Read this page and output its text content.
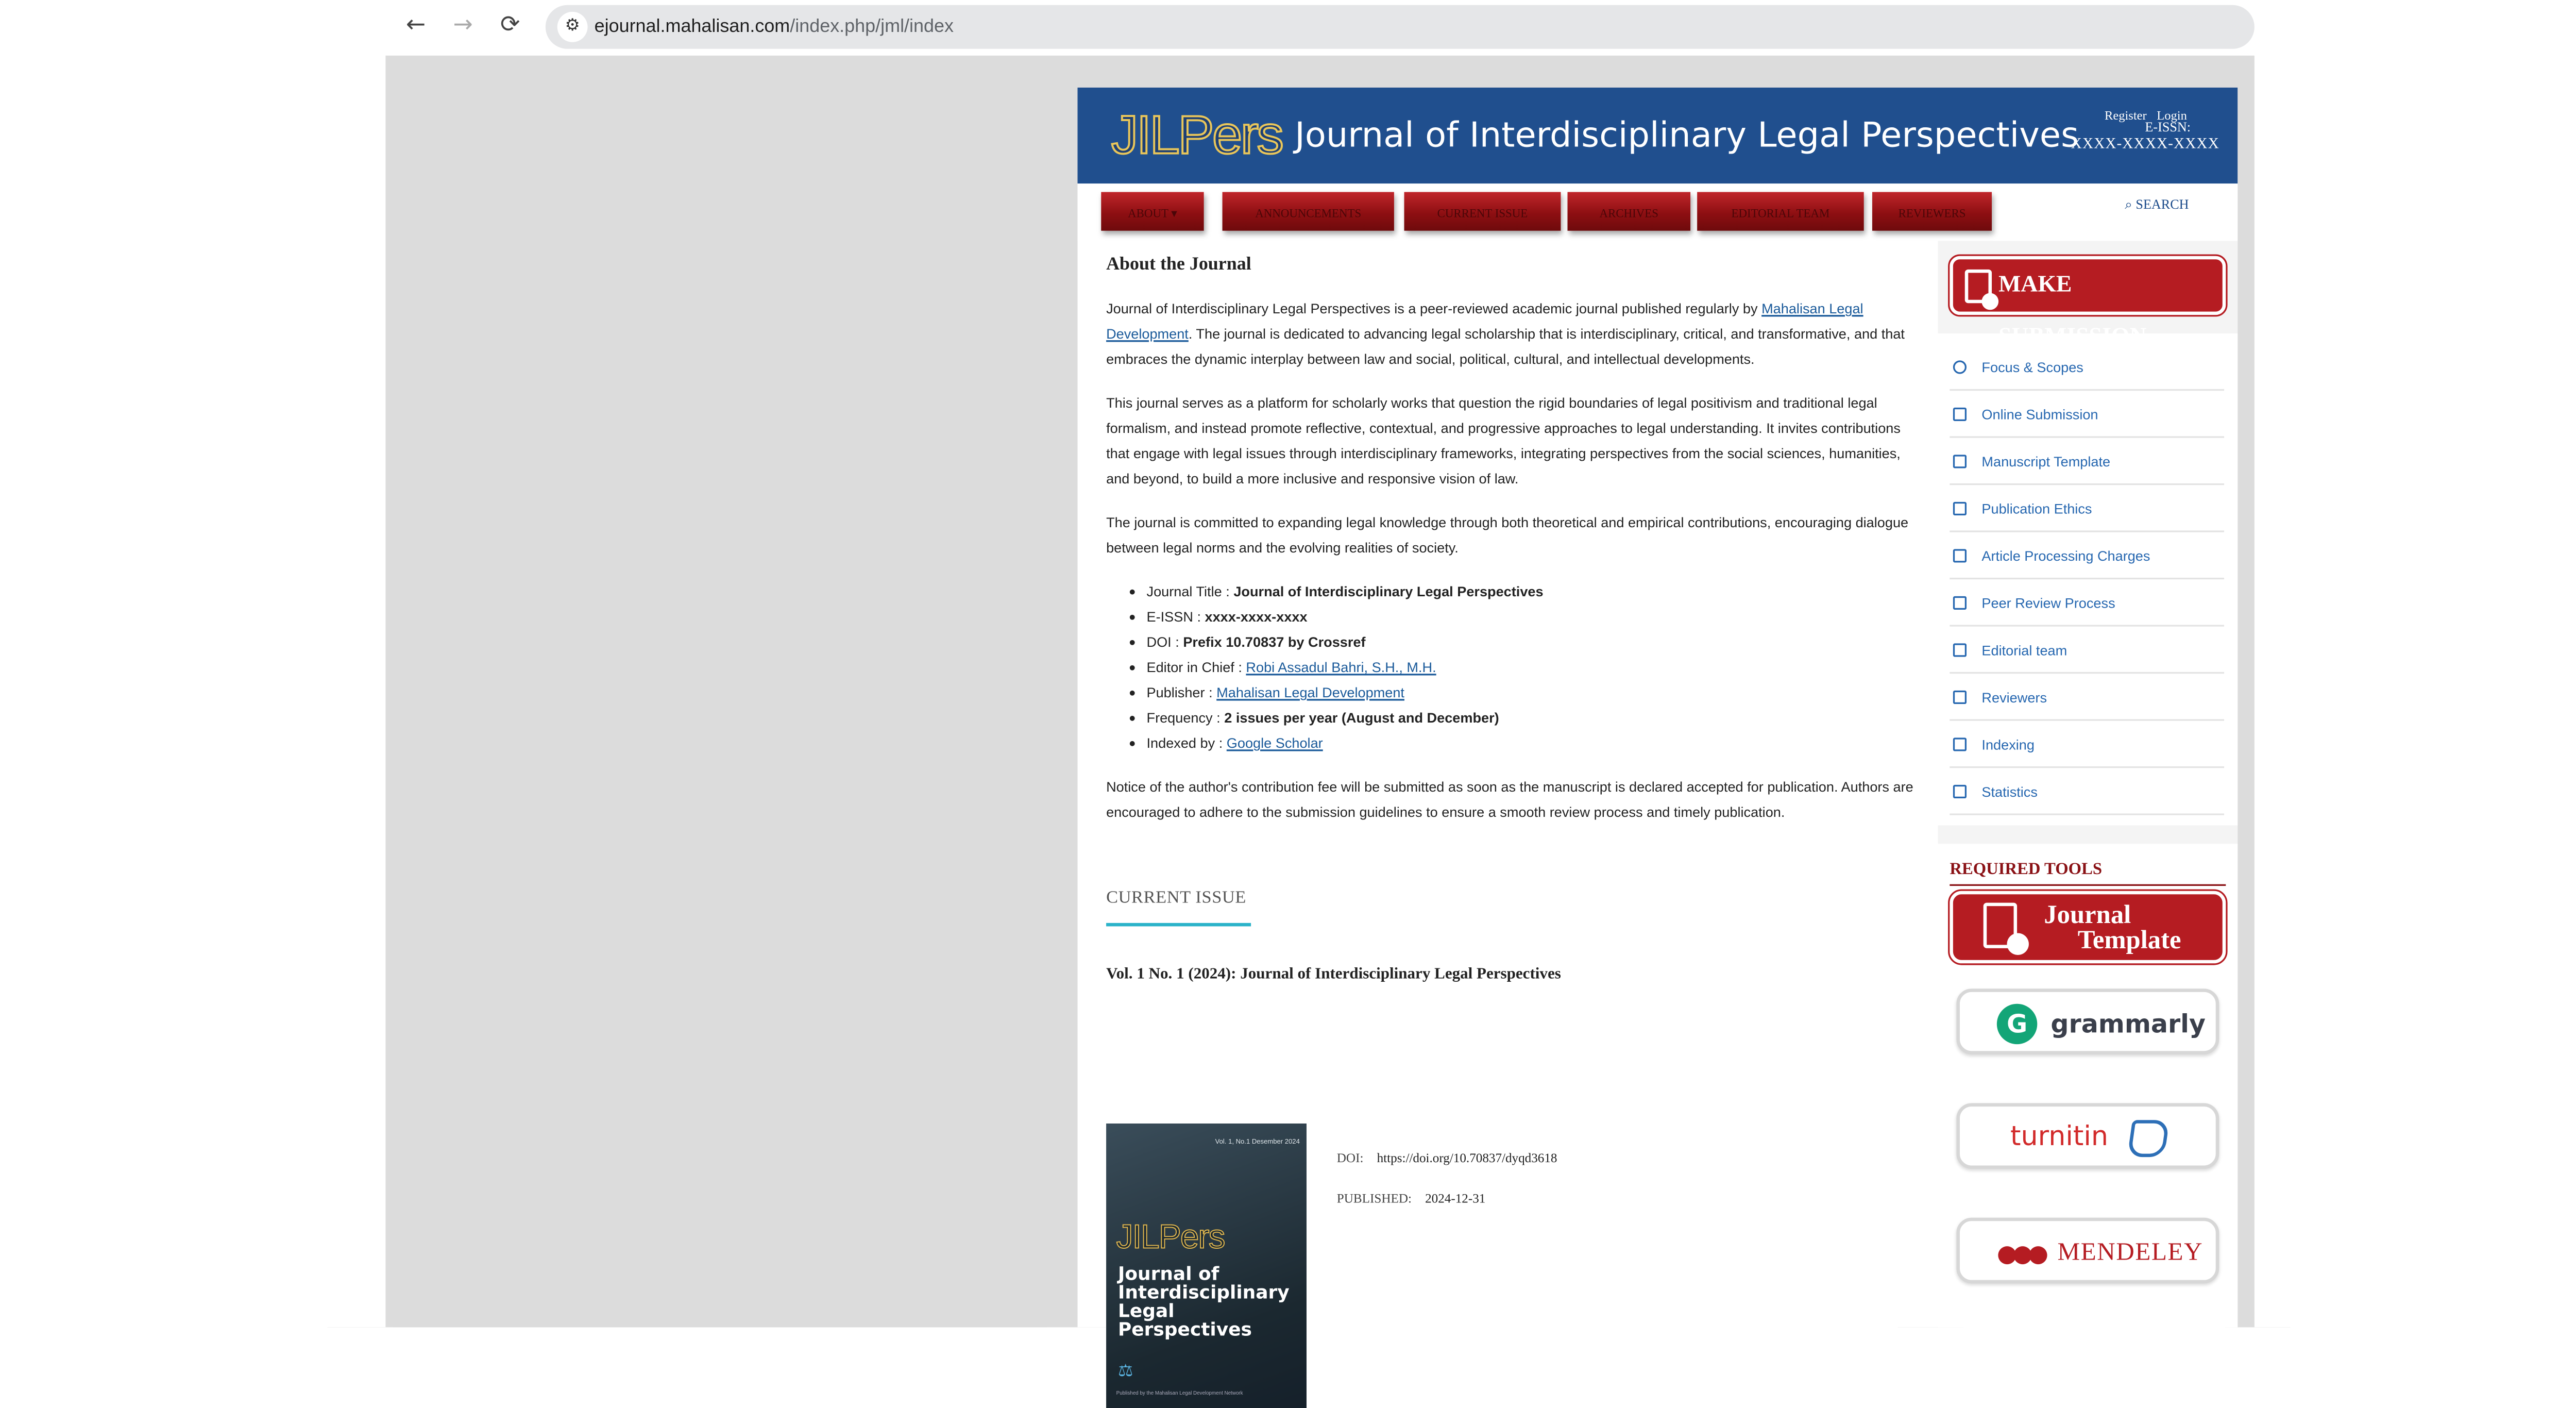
←	→	⟳	⚙	ejournal.mahalisan.com/index.php/jml/index
JILPers Journal of Interdisciplinary Legal Perspectives	Register	Login
E-ISSN:
XXXX-XXXX-XXXX
ABOUT ▾	ANNOUNCEMENTS	CURRENT ISSUE	ARCHIVES	EDITORIAL TEAM	REVIEWERS
⌕ SEARCH
About the Journal
Journal of Interdisciplinary Legal Perspectives is a peer-reviewed academic journal published regularly by Mahalisan Legal Development. The journal is dedicated to advancing legal scholarship that is interdisciplinary, critical, and transformative, and that embraces the dynamic interplay between law and social, political, cultural, and intellectual developments.
This journal serves as a platform for scholarly works that question the rigid boundaries of legal positivism and traditional legal formalism, and instead promote reflective, contextual, and progressive approaches to legal understanding. It invites contributions that engage with legal issues through interdisciplinary frameworks, integrating perspectives from the social sciences, humanities, and beyond, to build a more inclusive and responsive vision of law.
The journal is committed to expanding legal knowledge through both theoretical and empirical contributions, encouraging dialogue between legal norms and the evolving realities of society.
Journal Title : Journal of Interdisciplinary Legal Perspectives
E-ISSN : xxxx-xxxx-xxxx
DOI : Prefix 10.70837 by Crossref
Editor in Chief : Robi Assadul Bahri, S.H., M.H.
Publisher : Mahalisan Legal Development
Frequency : 2 issues per year (August and December)
Indexed by : Google Scholar
Notice of the author's contribution fee will be submitted as soon as the manuscript is declared accepted for publication. Authors are encouraged to adhere to the submission guidelines to ensure a smooth review process and timely publication.
CURRENT ISSUE
Vol. 1 No. 1 (2024): Journal of Interdisciplinary Legal Perspectives
Vol. 1, No.1 Desember 2024
JILPers
Journal of
Interdisciplinary
Legal
Perspectives
⚖
Published by the Mahalisan Legal Development Network
DOI:	https://doi.org/10.70837/dyqd3618
PUBLISHED:	2024-12-31
MAKE
Focus & Scopes
Online Submission
Manuscript Template
Publication Ethics
Article Processing Charges
Peer Review Process
Editorial team
Reviewers
Indexing
Statistics
REQUIRED TOOLS
Journal
Template
G	grammarly
turnitin
●●●	MENDELEY
